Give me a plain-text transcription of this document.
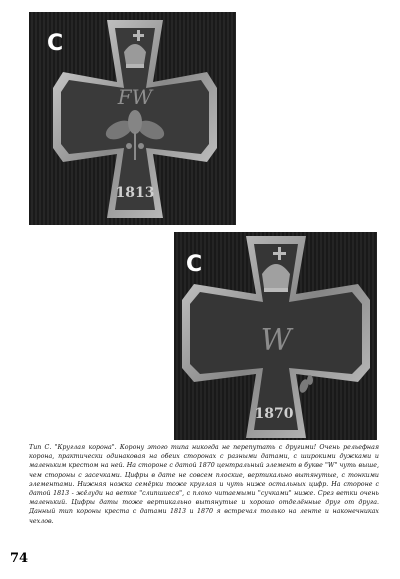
FW
1813
C
W
1870
C
Тип С. "Круглая корона". Корону этого типа никогда не перепутать с другими! Очень рельефная корона, практически одинаковая на обеих сторонах с разными датами, с широкими дужками и маленьким крестом на ней. На стороне с датой 1870 центральный элемент в букве "W" чуть выше, чем стороны с засечками. Цифры в дате не совсем плоские, вертикально вытянутые, с тонкими элементами. Нижняя ножка семёрки тоже круглая и чуть ниже остальных цифр. На стороне с датой 1813 - жёлуди на ветке "слипшиеся", с плохо читаемыми "сучками" ниже. Срез ветки очень маленький. Цифры даты тоже вертикально вытянутые и хорошо отделённые друг от друга. Данный тип короны креста с датами 1813 и 1870 я встречал только на ленте и наконечниках чехлов.
74
